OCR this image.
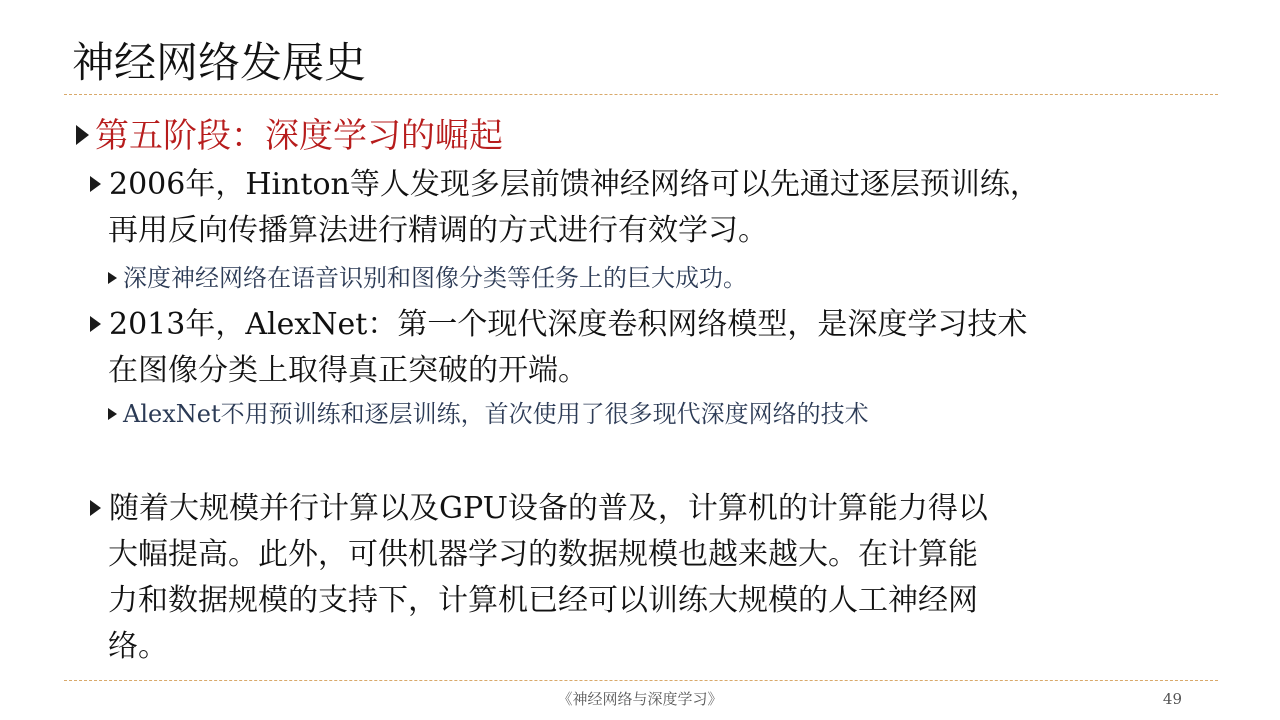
神经网络发展史
第五阶段：深度学习的崛起
2006年，Hinton等人发现多层前馈神经网络可以先通过逐层预训练，
再用反向传播算法进行精调的方式进行有效学习。
深度神经网络在语音识别和图像分类等任务上的巨大成功。
2013年，AlexNet：第一个现代深度卷积网络模型，是深度学习技术
在图像分类上取得真正突破的开端。
AlexNet不用预训练和逐层训练，首次使用了很多现代深度网络的技术
随着大规模并行计算以及GPU设备的普及，计算机的计算能力得以
大幅提高。此外，可供机器学习的数据规模也越来越大。在计算能
力和数据规模的支持下，计算机已经可以训练大规模的人工神经网
络。
《神经网络与深度学习》	49
